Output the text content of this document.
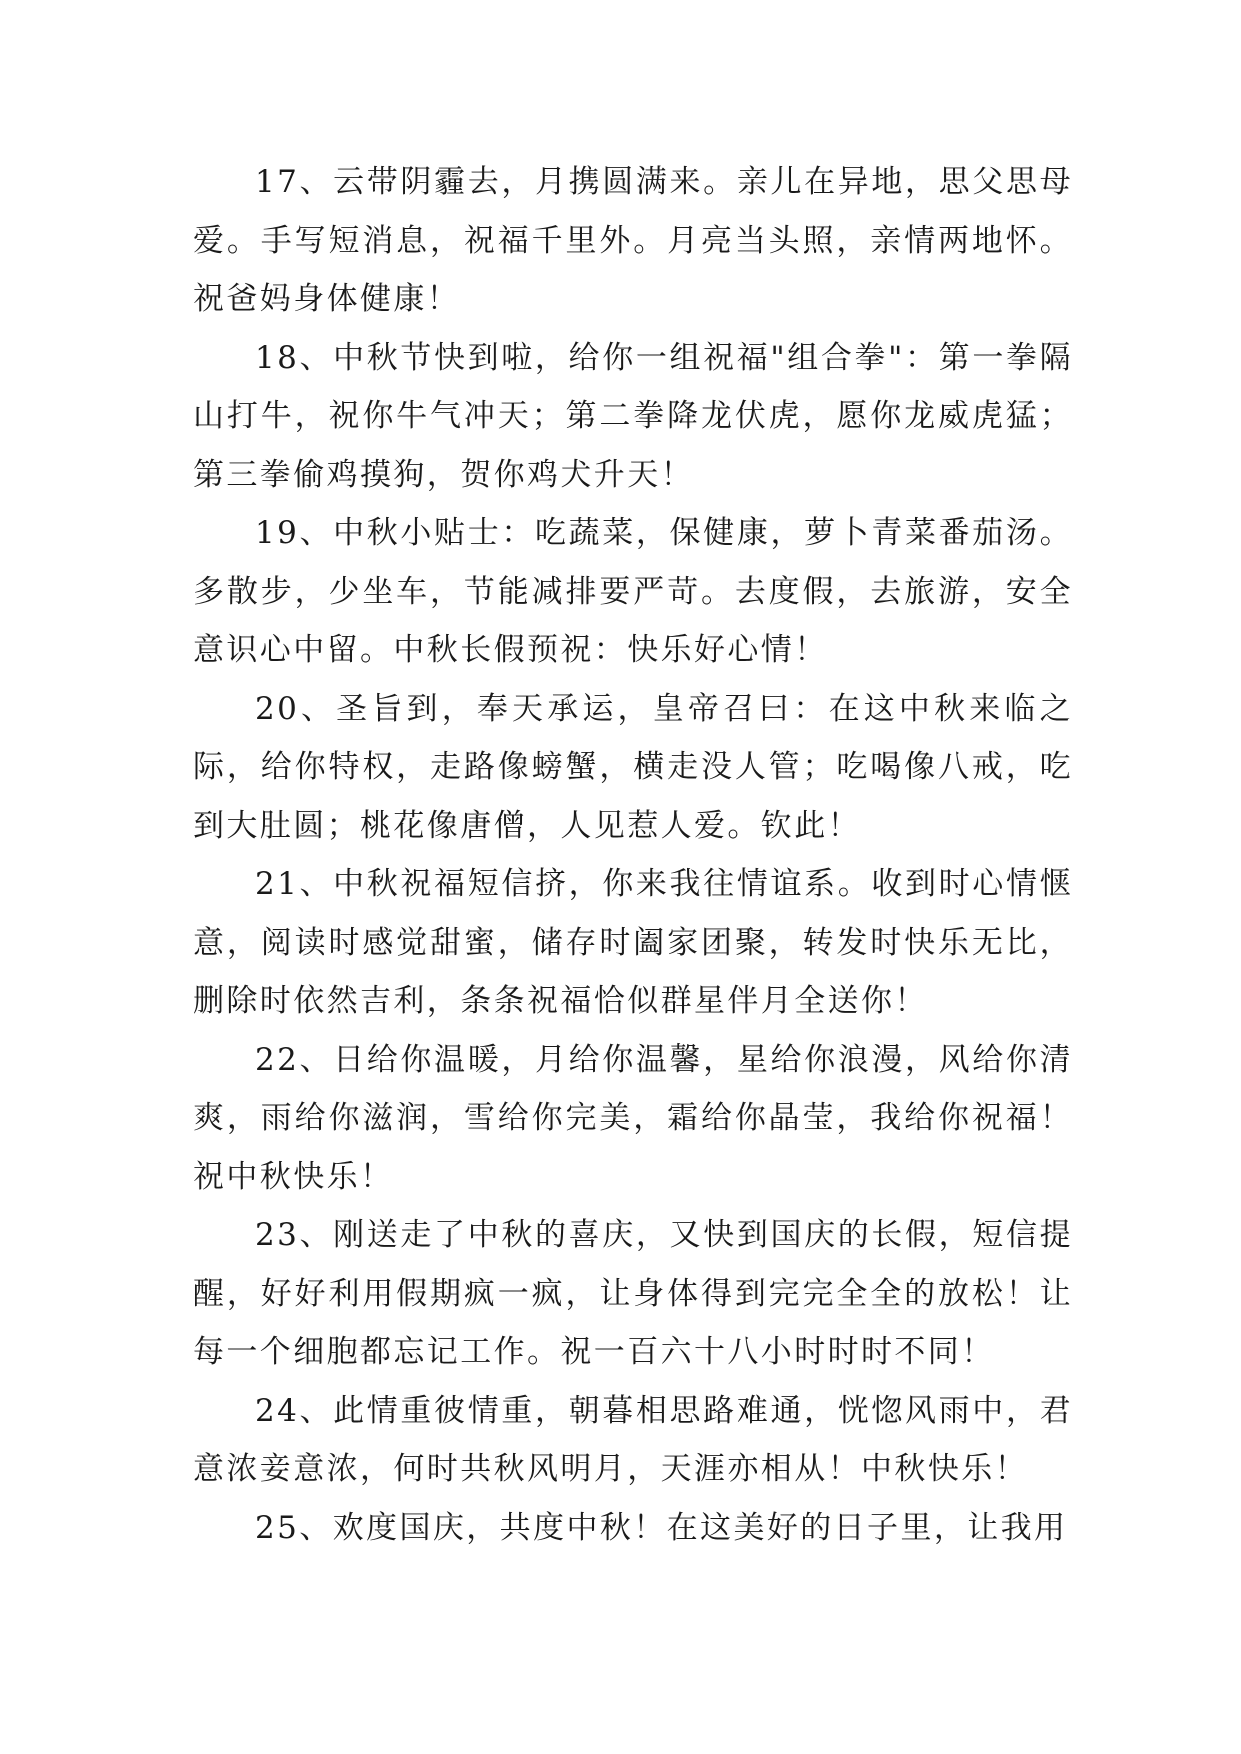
17、云带阴霾去，月携圆满来。亲儿在异地，思父思母爱。手写短消息，祝福千里外。月亮当头照，亲情两地怀。祝爸妈身体健康！

18、中秋节快到啦，给你一组祝福"组合拳"：第一拳隔山打牛，祝你牛气冲天；第二拳降龙伏虎，愿你龙威虎猛；第三拳偷鸡摸狗，贺你鸡犬升天！

19、中秋小贴士：吃蔬菜，保健康，萝卜青菜番茄汤。多散步，少坐车，节能减排要严苛。去度假，去旅游，安全意识心中留。中秋长假预祝：快乐好心情！

20、圣旨到，奉天承运，皇帝召曰：在这中秋来临之际，给你特权，走路像螃蟹，横走没人管；吃喝像八戒，吃到大肚圆；桃花像唐僧，人见惹人爱。钦此！

21、中秋祝福短信挤，你来我往情谊系。收到时心情惬意，阅读时感觉甜蜜，储存时阖家团聚，转发时快乐无比，删除时依然吉利，条条祝福恰似群星伴月全送你！

22、日给你温暖，月给你温馨，星给你浪漫，风给你清爽，雨给你滋润，雪给你完美，霜给你晶莹，我给你祝福！祝中秋快乐！

23、刚送走了中秋的喜庆，又快到国庆的长假，短信提醒，好好利用假期疯一疯，让身体得到完完全全的放松！让每一个细胞都忘记工作。祝一百六十八小时时时不同！

24、此情重彼情重，朝暮相思路难通，恍惚风雨中，君意浓妾意浓，何时共秋风明月，天涯亦相从！中秋快乐！

25、欢度国庆，共度中秋！在这美好的日子里，让我用
